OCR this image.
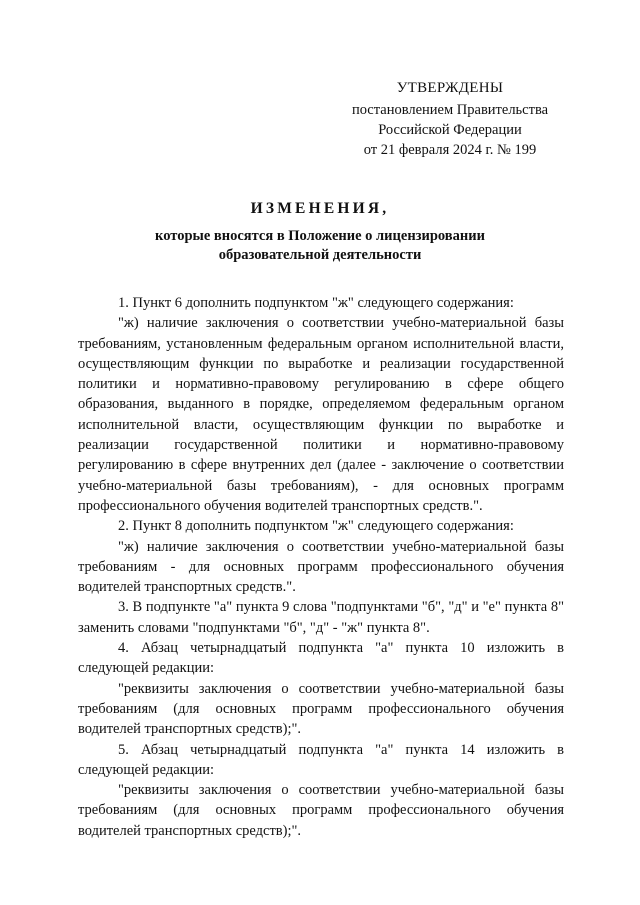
УТВЕРЖДЕНЫ
постановлением Правительства
Российской Федерации
от 21 февраля 2024 г. № 199
ИЗМЕНЕНИЯ,
которые вносятся в Положение о лицензировании
образовательной деятельности

1. Пункт 6 дополнить подпунктом "ж" следующего содержания:

"ж) наличие заключения о соответствии учебно-материальной базы требованиям, установленным федеральным органом исполнительной власти, осуществляющим функции по выработке и реализации государственной политики и нормативно-правовому регулированию в сфере общего образования, выданного в порядке, определяемом федеральным органом исполнительной власти, осуществляющим функции по выработке и реализации государственной политики и нормативно-правовому регулированию в сфере внутренних дел (далее - заключение о соответствии учебно-материальной базы требованиям), - для основных программ профессионального обучения водителей транспортных средств.".

2. Пункт 8 дополнить подпунктом "ж" следующего содержания:

"ж) наличие заключения о соответствии учебно-материальной базы требованиям - для основных программ профессионального обучения водителей транспортных средств.".

3. В подпункте "а" пункта 9 слова "подпунктами "б", "д" и "е" пункта 8" заменить словами "подпунктами "б", "д" - "ж" пункта 8".

4. Абзац четырнадцатый подпункта "а" пункта 10 изложить в следующей редакции:

"реквизиты заключения о соответствии учебно-материальной базы требованиям (для основных программ профессионального обучения водителей транспортных средств);".

5. Абзац четырнадцатый подпункта "а" пункта 14 изложить в следующей редакции:

"реквизиты заключения о соответствии учебно-материальной базы требованиям (для основных программ профессионального обучения водителей транспортных средств);".
